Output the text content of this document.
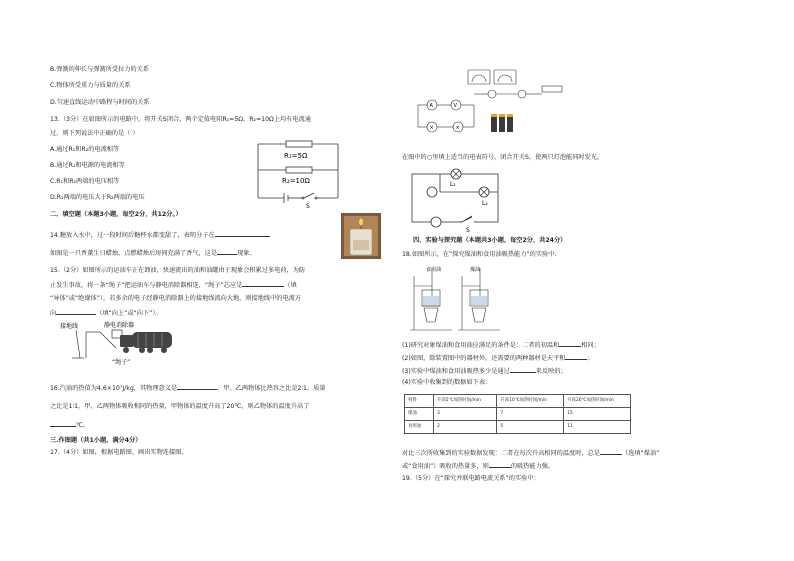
B.弹簧的伸长与弹簧所受拉力的关系
C.物体所受重力与质量的关系
D.匀速直线运动中路程与时间的关系
13.（3分）在如图所示的电路中，将开关S闭合，两个定值电阻R₁=5Ω、R₂=10Ω上均有电流通
过，则下列说法中正确的是（ ）
A.通过R₁和R₂的电流相等
B.通过R₁和电源的电流相等
C.R₁和R₂两端的电压相等
D.R₁两端的电压大于R₂两端的电压
R₁=5Ω
R₂=10Ω
S
二、填空题（本题3小题，每空2分，共12分。）
14.糖放入水中，过一段时间后糖杯水都变甜了，表明分子在
如图是一只香薰生日蜡烛，点燃蜡烛后房间充满了香气，这是	现象。
15.（2分）如图所示的运油车正在卸油，快速流出的油和油罐由于现象会积累过多电荷，为防
止发生事故，将一条“绳子”把运油车与静电消除器相连，“绳子”芯应是	（填
“导体”或“绝缘体”），若多余的电子经静电消除器上的接地线流向大地，则接地线中的电流方
向	（填“向上”或“向下”）。
接地线	静电消除器
“绳子”
16.汽油的热值为4.6×10⁷J/kg，其物理意义是	，甲、乙两物体比热容之比是2∶1，质量
之比是1∶1，甲、乙两物体吸收相同的热量，甲物体的温度升高了20℃，则乙物体的温度升高了
℃。
三.作图题（共1小题，满分4分）
17.（4分）如图，根据电路图，画出实物连接图。
A	V
×	×
在图中的○里填上适当的电表符号，闭合开关S，使两只灯泡能同时发光。
L₁
L₂
S
四、实验与探究题（本题共3小题，每空2分，共24分）
18.如图所示，在“探究煤油和食用油吸热能力”的实验中：
食用油	煤油
(1)研究对象煤油和食用油应满足的条件是：二者的初温和	相同；
(2)如图，除装置图中的器材外，还需要的两种器材是天平和	；
(3)实验中煤油和食用油吸热多少是通过	来反映的；
(4)实验中收集到的数据如下表：
材料	升高5℃加热时间/min	升高10℃加热时间/min	升高20℃加热时间/min
煤油	3	7	15
食用油	2	5	11
对比三次所收集到的实验数据发现：二者在每次升高相同的温度时，总是	（选填“煤油”
或“食用油”）吸收的热量多，则	的吸热能力强。
19.（5分）在“探究并联电路电流关系”的实验中：
